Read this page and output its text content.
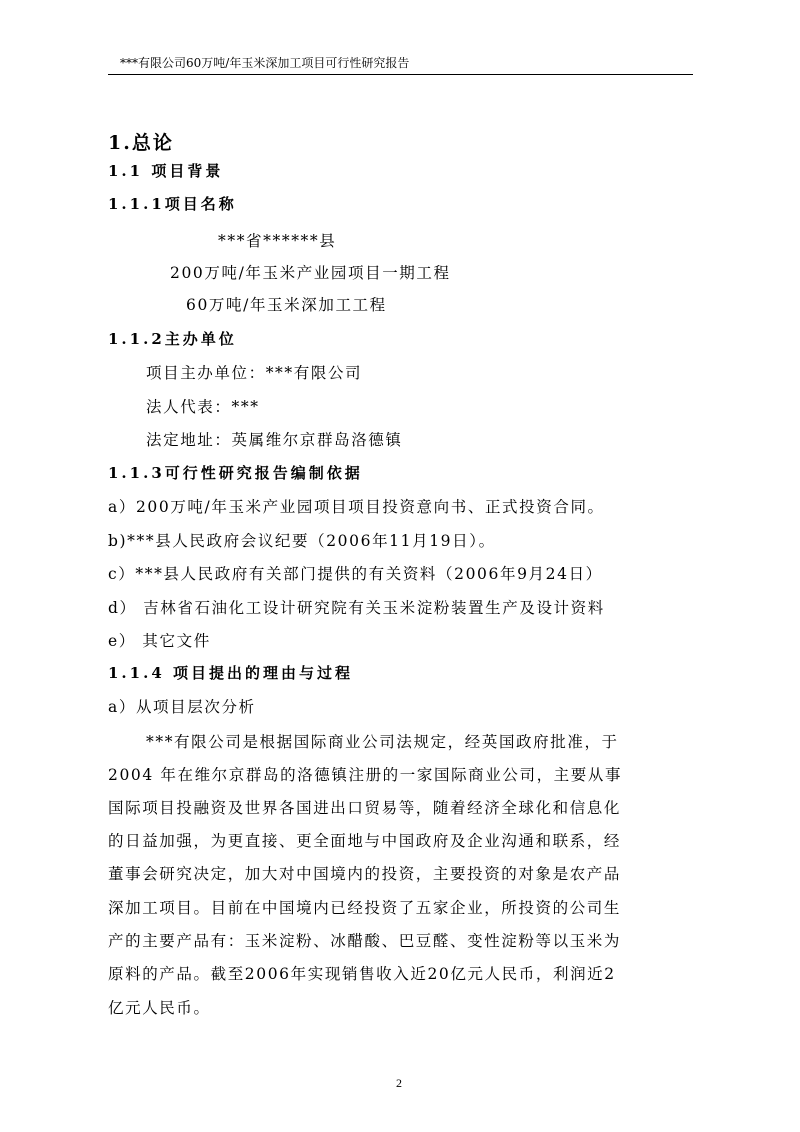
***有限公司60万吨/年玉米深加工项目可行性研究报告
1.总论
1.1 项目背景
1.1.1项目名称
***省******县
200万吨/年玉米产业园项目一期工程
60万吨/年玉米深加工工程
1.1.2主办单位
项目主办单位：***有限公司
法人代表：***
法定地址：英属维尔京群岛洛德镇
1.1.3可行性研究报告编制依据
a）200万吨/年玉米产业园项目项目投资意向书、正式投资合同。
b)***县人民政府会议纪要（2006年11月19日）。
c）***县人民政府有关部门提供的有关资料（2006年9月24日）
d） 吉林省石油化工设计研究院有关玉米淀粉装置生产及设计资料
e） 其它文件
1.1.4 项目提出的理由与过程
a）从项目层次分析
***有限公司是根据国际商业公司法规定，经英国政府批准，于
2004 年在维尔京群岛的洛德镇注册的一家国际商业公司，主要从事
国际项目投融资及世界各国进出口贸易等，随着经济全球化和信息化
的日益加强，为更直接、更全面地与中国政府及企业沟通和联系，经
董事会研究决定，加大对中国境内的投资，主要投资的对象是农产品
深加工项目。目前在中国境内已经投资了五家企业，所投资的公司生
产的主要产品有：玉米淀粉、冰醋酸、巴豆醛、变性淀粉等以玉米为
原料的产品。截至2006年实现销售收入近20亿元人民币，利润近2
亿元人民币。
2
